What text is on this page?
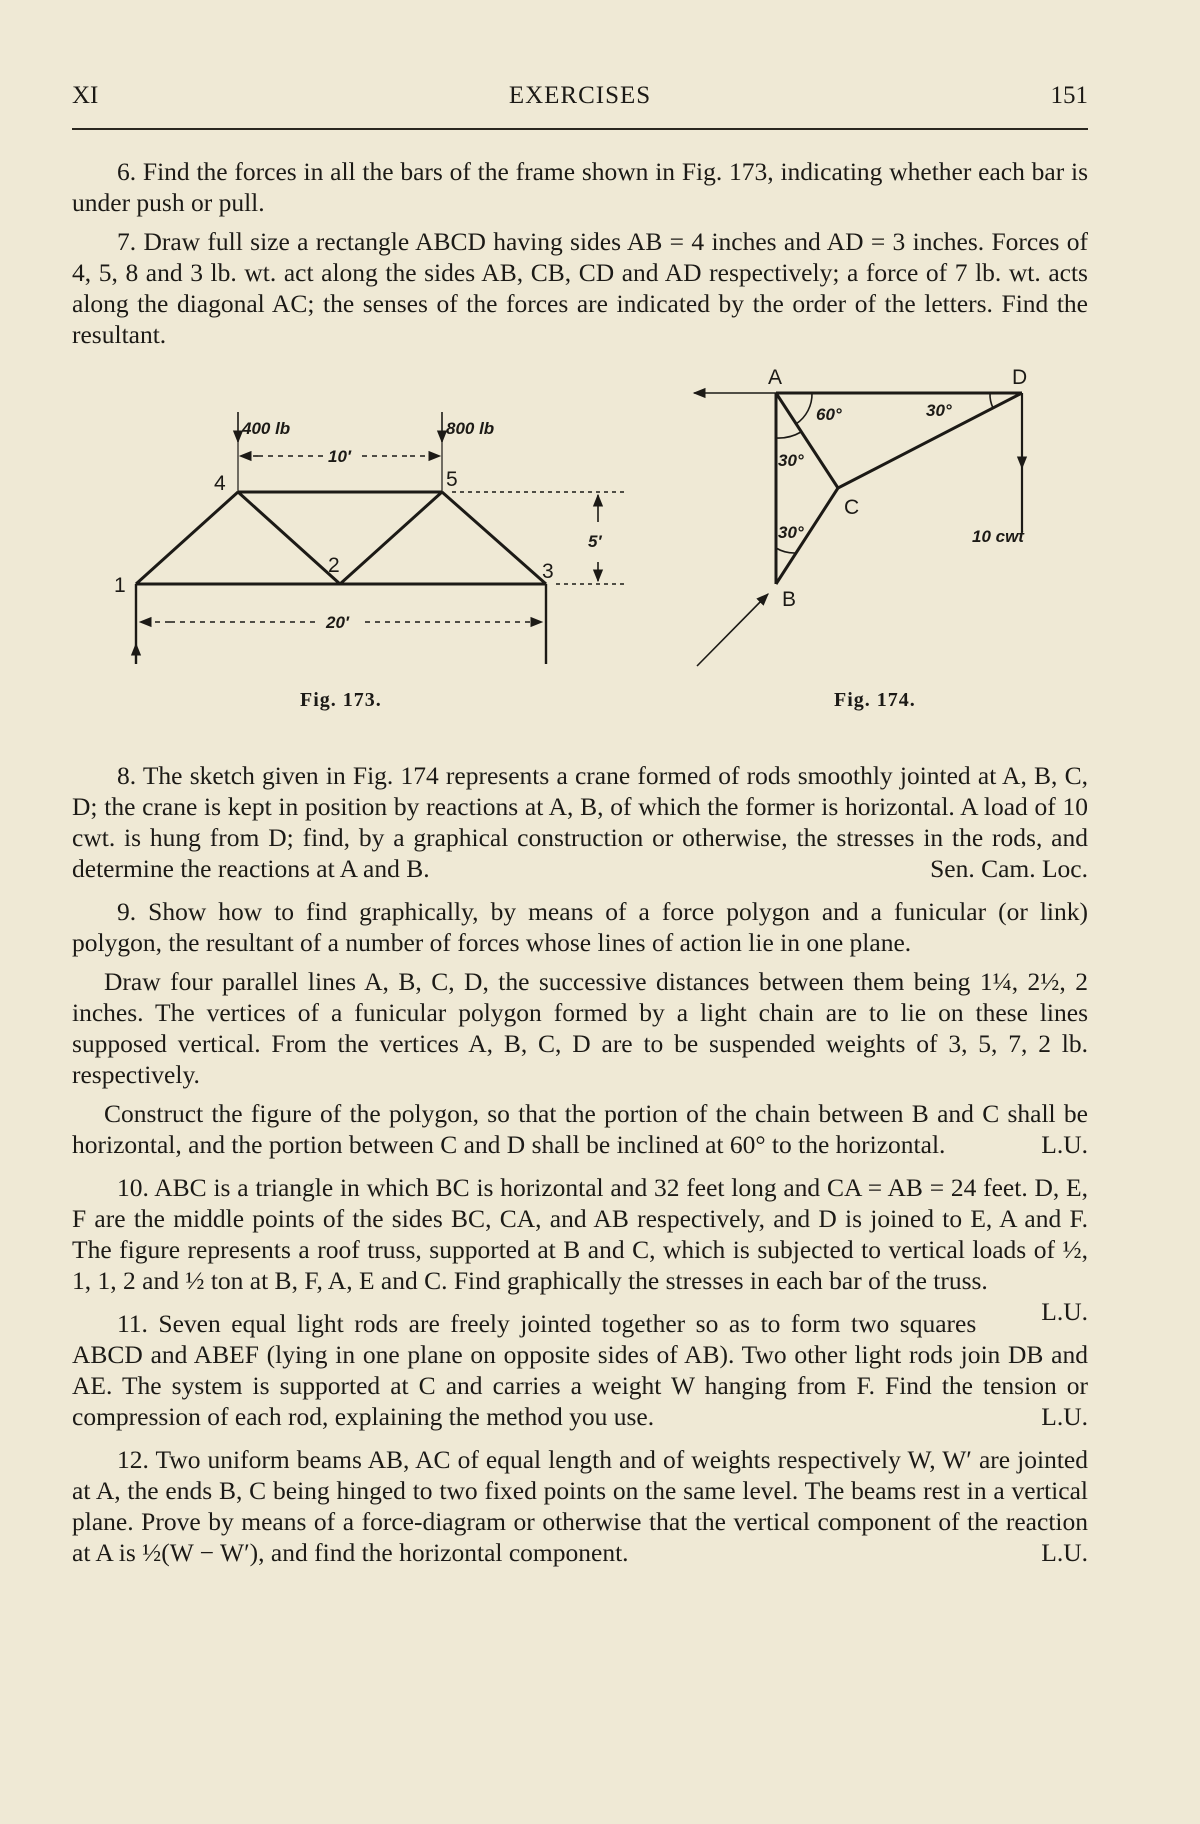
XI	EXERCISES	151

6. Find the forces in all the bars of the frame shown in Fig. 173, indicating whether each bar is under push or pull.

7. Draw full size a rectangle ABCD having sides AB = 4 inches and AD = 3 inches. Forces of 4, 5, 8 and 3 lb. wt. act along the sides AB, CB, CD and AD respectively; a force of 7 lb. wt. acts along the diagonal AC; the senses of the forces are indicated by the order of the letters. Find the resultant.

400 lb	800 lb
10′
5′
20′
1
2	3
4	5
Fig. 173.
A	D
C
B
60°	30°
30°
30°	10 cwt
Fig. 174.

8. The sketch given in Fig. 174 represents a crane formed of rods smoothly jointed at A, B, C, D; the crane is kept in position by reactions at A, B, of which the former is horizontal. A load of 10 cwt. is hung from D; find, by a graphical construction or otherwise, the stresses in the rods, and determine the reactions at A and B.	Sen. Cam. Loc.

9. Show how to find graphically, by means of a force polygon and a funicular (or link) polygon, the resultant of a number of forces whose lines of action lie in one plane.

Draw four parallel lines A, B, C, D, the successive distances between them being 1¼, 2½, 2 inches. The vertices of a funicular polygon formed by a light chain are to lie on these lines supposed vertical. From the vertices A, B, C, D are to be suspended weights of 3, 5, 7, 2 lb. respectively.

Construct the figure of the polygon, so that the portion of the chain between B and C shall be horizontal, and the portion between C and D shall be inclined at 60° to the horizontal.	L.U.

10. ABC is a triangle in which BC is horizontal and 32 feet long and CA = AB = 24 feet. D, E, F are the middle points of the sides BC, CA, and AB respectively, and D is joined to E, A and F. The figure represents a roof truss, supported at B and C, which is subjected to vertical loads of ½, 1, 1, 2 and ½ ton at B, F, A, E and C. Find graphically the stresses in each bar of the truss.
L.U.

11. Seven equal light rods are freely jointed together so as to form two squares ABCD and ABEF (lying in one plane on opposite sides of AB). Two other light rods join DB and AE. The system is supported at C and carries a weight W hanging from F. Find the tension or compression of each rod, explaining the method you use.	L.U.

12. Two uniform beams AB, AC of equal length and of weights respectively W, W′ are jointed at A, the ends B, C being hinged to two fixed points on the same level. The beams rest in a vertical plane. Prove by means of a force-diagram or otherwise that the vertical component of the reaction at A is ½(W − W′), and find the horizontal component.	L.U.
